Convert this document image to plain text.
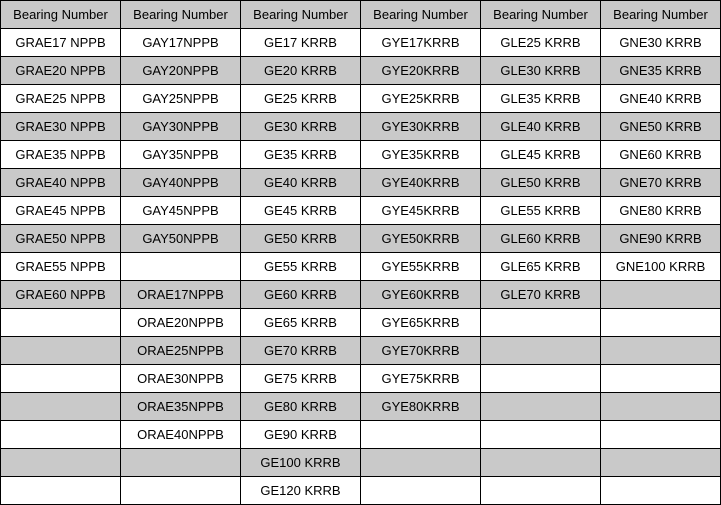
Bearing Number	Bearing Number	Bearing Number	Bearing Number	Bearing Number	Bearing Number
GRAE17 NPPB	GAY17NPPB	GE17 KRRB	GYE17KRRB	GLE25 KRRB	GNE30 KRRB
GRAE20 NPPB	GAY20NPPB	GE20 KRRB	GYE20KRRB	GLE30 KRRB	GNE35 KRRB
GRAE25 NPPB	GAY25NPPB	GE25 KRRB	GYE25KRRB	GLE35 KRRB	GNE40 KRRB
GRAE30 NPPB	GAY30NPPB	GE30 KRRB	GYE30KRRB	GLE40 KRRB	GNE50 KRRB
GRAE35 NPPB	GAY35NPPB	GE35 KRRB	GYE35KRRB	GLE45 KRRB	GNE60 KRRB
GRAE40 NPPB	GAY40NPPB	GE40 KRRB	GYE40KRRB	GLE50 KRRB	GNE70 KRRB
GRAE45 NPPB	GAY45NPPB	GE45 KRRB	GYE45KRRB	GLE55 KRRB	GNE80 KRRB
GRAE50 NPPB	GAY50NPPB	GE50 KRRB	GYE50KRRB	GLE60 KRRB	GNE90 KRRB
GRAE55 NPPB		GE55 KRRB	GYE55KRRB	GLE65 KRRB	GNE100 KRRB
GRAE60 NPPB	ORAE17NPPB	GE60 KRRB	GYE60KRRB	GLE70 KRRB	
	ORAE20NPPB	GE65 KRRB	GYE65KRRB		
	ORAE25NPPB	GE70 KRRB	GYE70KRRB		
	ORAE30NPPB	GE75 KRRB	GYE75KRRB		
	ORAE35NPPB	GE80 KRRB	GYE80KRRB		
	ORAE40NPPB	GE90 KRRB			
		GE100 KRRB			
		GE120 KRRB			
